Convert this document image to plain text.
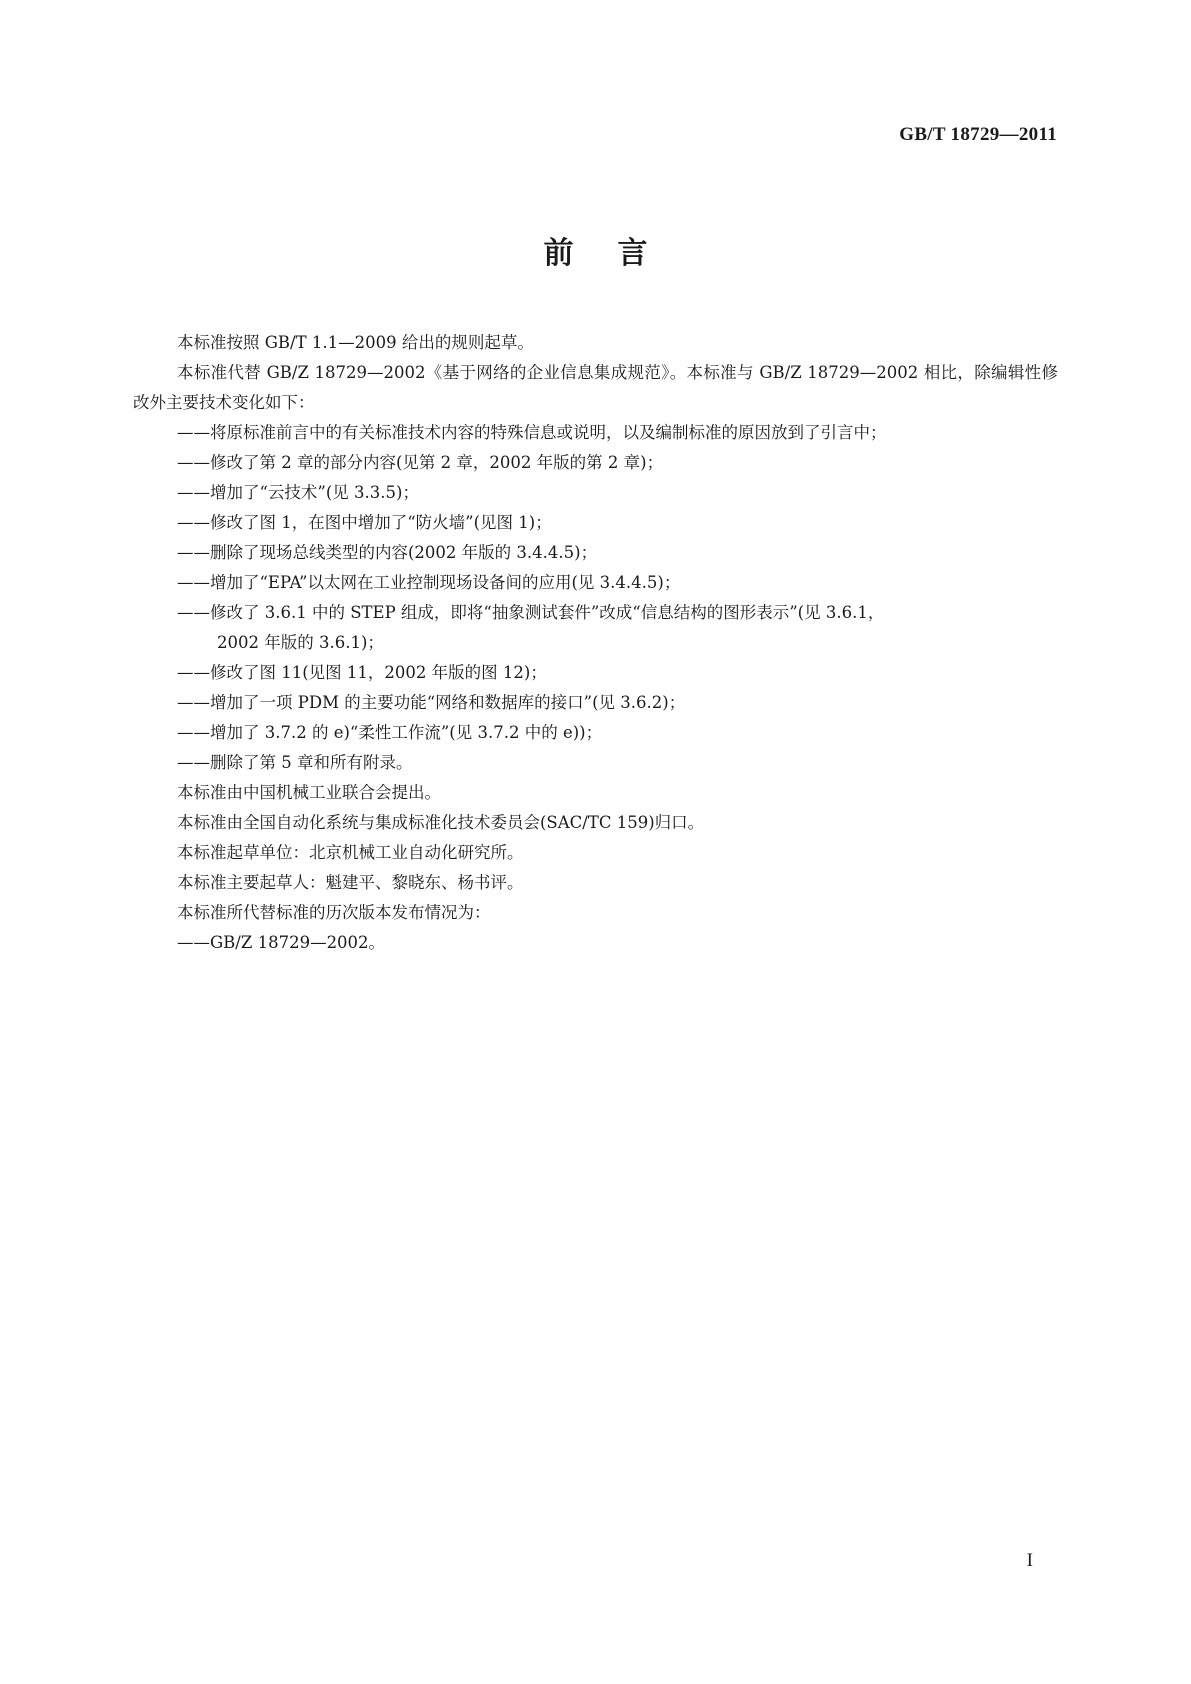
GB/T 18729—2011
前言

本标准按照 GB/T 1.1—2009 给出的规则起草。

本标准代替 GB/Z 18729—2002《基于网络的企业信息集成规范》。本标准与 GB/Z 18729—2002 相比，除编辑性修改外主要技术变化如下：

——将原标准前言中的有关标准技术内容的特殊信息或说明，以及编制标准的原因放到了引言中；

——修改了第 2 章的部分内容(见第 2 章，2002 年版的第 2 章)；

——增加了“云技术”(见 3.3.5)；

——修改了图 1，在图中增加了“防火墙”(见图 1)；

——删除了现场总线类型的内容(2002 年版的 3.4.4.5)；

——增加了“EPA”以太网在工业控制现场设备间的应用(见 3.4.4.5)；

——修改了 3.6.1 中的 STEP 组成，即将“抽象测试套件”改成“信息结构的图形表示”(见 3.6.1，

2002 年版的 3.6.1)；

——修改了图 11(见图 11，2002 年版的图 12)；

——增加了一项 PDM 的主要功能“网络和数据库的接口”(见 3.6.2)；

——增加了 3.7.2 的 e)“柔性工作流”(见 3.7.2 中的 e))；

——删除了第 5 章和所有附录。

本标准由中国机械工业联合会提出。

本标准由全国自动化系统与集成标准化技术委员会(SAC/TC 159)归口。

本标准起草单位：北京机械工业自动化研究所。

本标准主要起草人：魁建平、黎晓东、杨书评。

本标准所代替标准的历次版本发布情况为：

——GB/Z 18729—2002。

I
